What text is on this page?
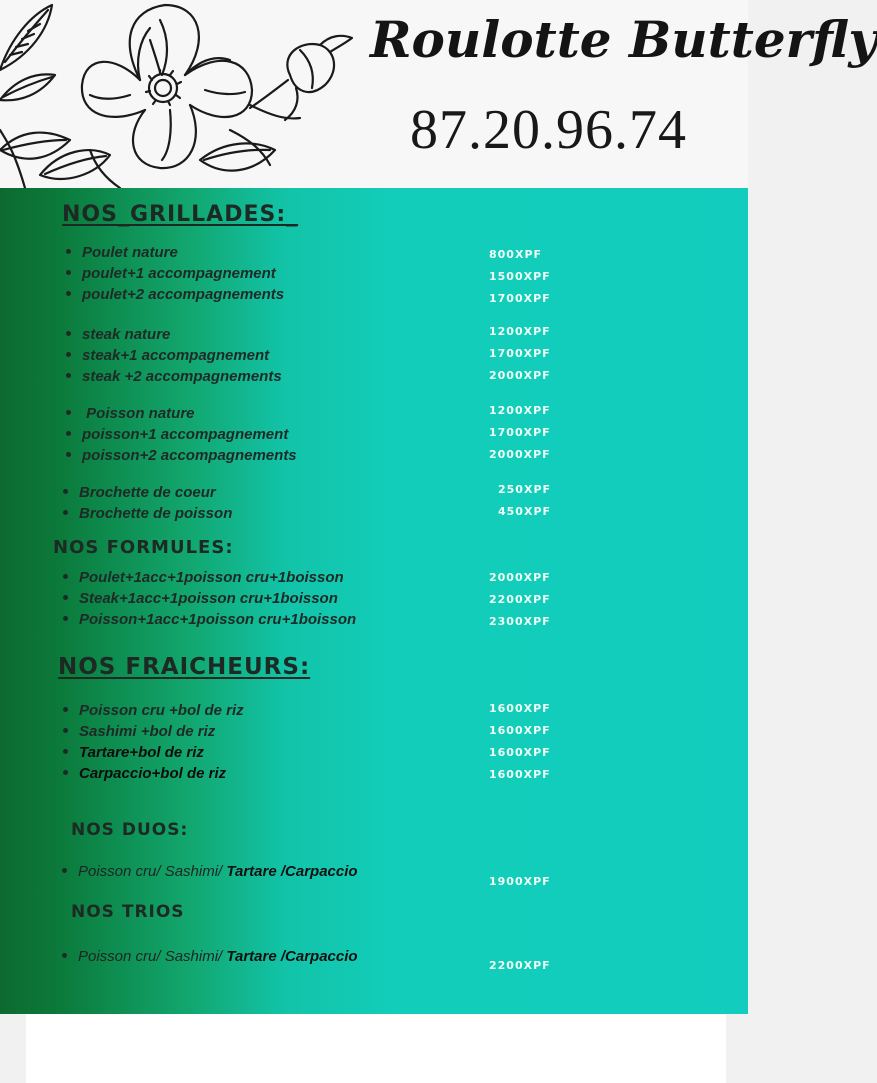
Roulotte Butterfly
87.20.96.74
NOS_GRILLADES:_
Poulet nature
poulet+1 accompagnement
poulet+2 accompagnements
800XPF
1500XPF
1700XPF
steak nature
steak+1 accompagnement
steak +2 accompagnements
1200XPF
1700XPF
2000XPF
Poisson nature
poisson+1 accompagnement
poisson+2 accompagnements
1200XPF
1700XPF
2000XPF
Brochette de coeur
Brochette de poisson
250XPF
450XPF
NOS FORMULES:
Poulet+1acc+1poisson cru+1boisson
Steak+1acc+1poisson cru+1boisson
Poisson+1acc+1poisson cru+1boisson
2000XPF
2200XPF
2300XPF
NOS FRAICHEURS:
Poisson cru +bol de riz
Sashimi +bol de riz
Tartare+bol de riz
Carpaccio+bol de riz
1600XPF
1600XPF
1600XPF
1600XPF
NOS DUOS:
Poisson cru/ Sashimi/ Tartare /Carpaccio
1900XPF
NOS TRIOS
Poisson cru/ Sashimi/ Tartare /Carpaccio
2200XPF
